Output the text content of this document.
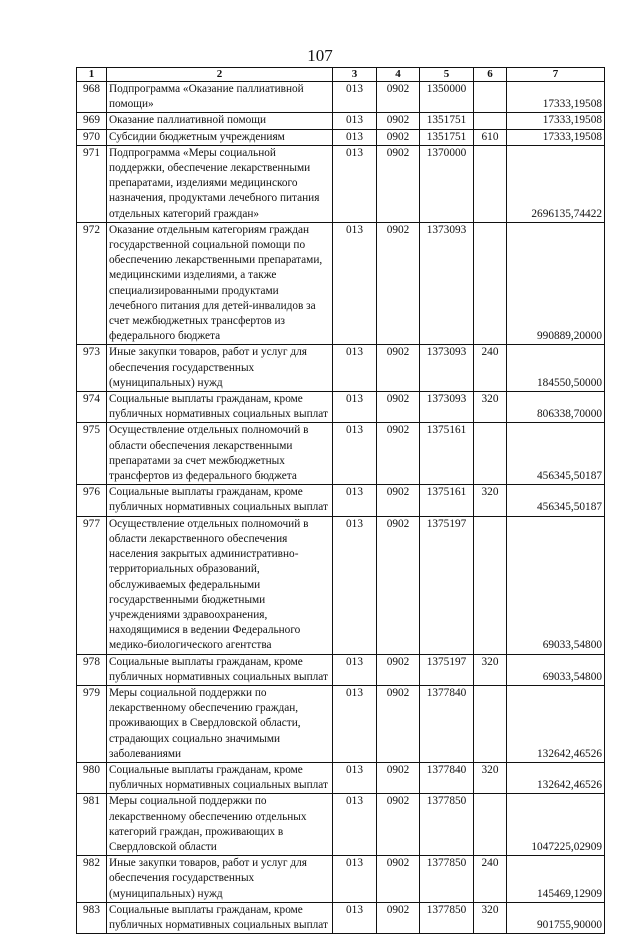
107
1	2	3	4	5	6	7
968	Подпрограмма «Оказание паллиативной помощи»	013	0902	1350000		17333,19508
969	Оказание паллиативной помощи	013	0902	1351751		17333,19508
970	Субсидии бюджетным учреждениям	013	0902	1351751	610	17333,19508
971	Подпрограмма «Меры социальной поддержки, обеспечение лекарственными препаратами, изделиями медицинского назначения, продуктами лечебного питания отдельных категорий граждан»	013	0902	1370000		2696135,74422
972	Оказание отдельным категориям граждан государственной социальной помощи по обеспечению лекарственными препаратами, медицинскими изделиями, а также специализированными продуктами лечебного питания для детей-инвалидов за счет межбюджетных трансфертов из федерального бюджета	013	0902	1373093		990889,20000
973	Иные закупки товаров, работ и услуг для обеспечения государственных (муниципальных) нужд	013	0902	1373093	240	184550,50000
974	Социальные выплаты гражданам, кроме публичных нормативных социальных выплат	013	0902	1373093	320	806338,70000
975	Осуществление отдельных полномочий в области обеспечения лекарственными препаратами за счет межбюджетных трансфертов из федерального бюджета	013	0902	1375161		456345,50187
976	Социальные выплаты гражданам, кроме публичных нормативных социальных выплат	013	0902	1375161	320	456345,50187
977	Осуществление отдельных полномочий в области лекарственного обеспечения населения закрытых административно-территориальных образований, обслуживаемых федеральными государственными бюджетными учреждениями здравоохранения, находящимися в ведении Федерального медико-биологического агентства	013	0902	1375197		69033,54800
978	Социальные выплаты гражданам, кроме публичных нормативных социальных выплат	013	0902	1375197	320	69033,54800
979	Меры социальной поддержки по лекарственному обеспечению граждан, проживающих в Свердловской области, страдающих социально значимыми заболеваниями	013	0902	1377840		132642,46526
980	Социальные выплаты гражданам, кроме публичных нормативных социальных выплат	013	0902	1377840	320	132642,46526
981	Меры социальной поддержки по лекарственному обеспечению отдельных категорий граждан, проживающих в Свердловской области	013	0902	1377850		1047225,02909
982	Иные закупки товаров, работ и услуг для обеспечения государственных (муниципальных) нужд	013	0902	1377850	240	145469,12909
983	Социальные выплаты гражданам, кроме публичных нормативных социальных выплат	013	0902	1377850	320	901755,90000
